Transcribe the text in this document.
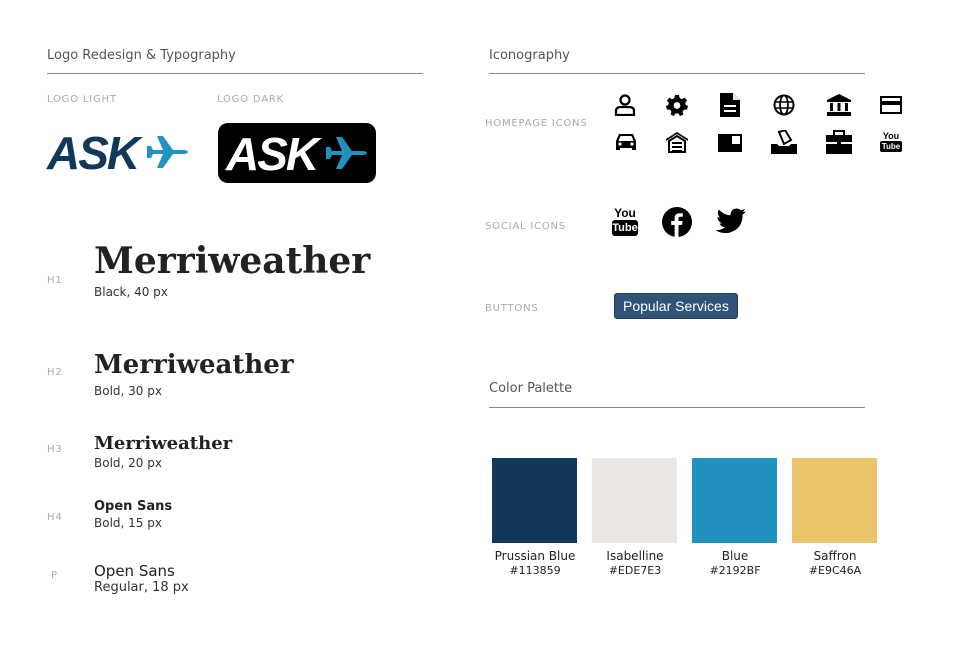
Logo Redesign & Typography
LOGO LIGHT	LOGO DARK
ASK ASK
H1 Merriweather
Black, 40 px
H2 Merriweather
Bold, 30 px
H3 Merriweather
Bold, 20 px
H4
Open Sans
Bold, 15 px
P Open Sans
Regular, 18 px
Iconography
HOMEPAGE ICONS
You
Tube
SOCIAL ICONS
You
Tube
BUTTONS	Popular Services
Color Palette
Prussian Blue
#113859
Isabelline
#EDE7E3
Blue
#2192BF
Saffron
#E9C46A
